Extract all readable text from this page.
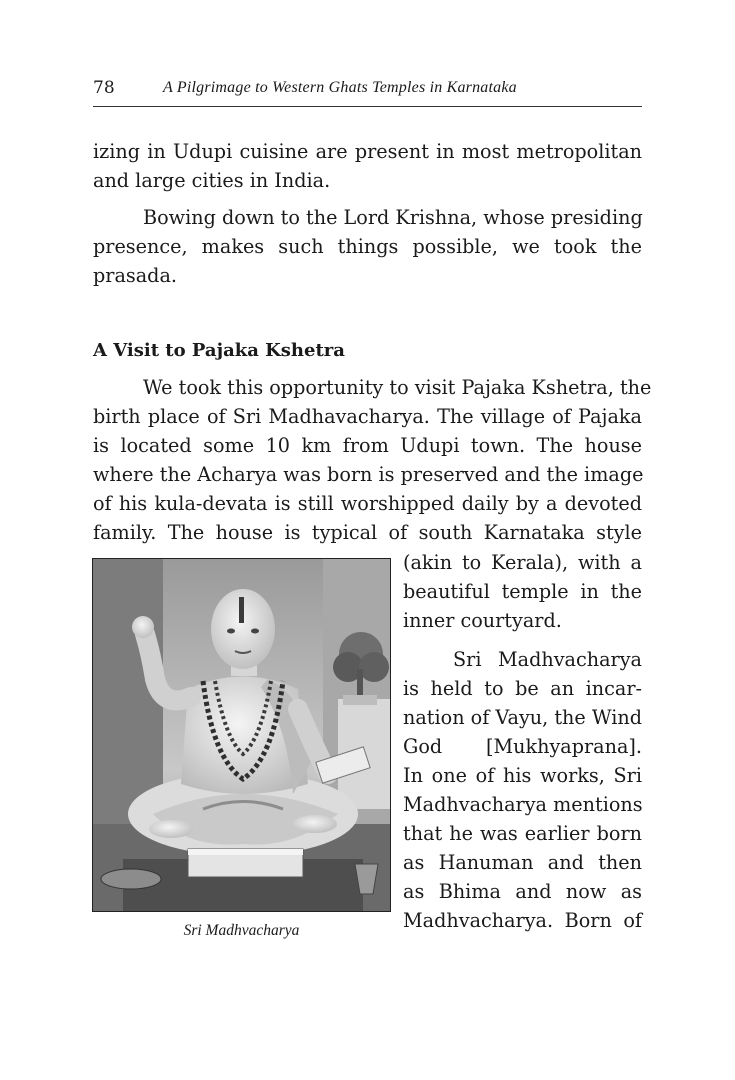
78	A Pilgrimage to Western Ghats Temples in Karnataka
izing in Udupi cuisine are present in most metropolitan
and large cities in India.
Bowing down to the Lord Krishna, whose presiding
presence, makes such things possible, we took the
prasada.
A Visit to Pajaka Kshetra
We took this opportunity to visit Pajaka Kshetra, the
birth place of Sri Madhavacharya. The village of Pajaka
is located some 10 km from Udupi town. The house
where the Acharya was born is preserved and the image
of his kula-devata is still worshipped daily by a devoted
family. The house is typical of south Karnataka style
(akin to Kerala), with a
beautiful temple in the
inner courtyard.
Sri Madhvacharya
is held to be an incar-
nation of Vayu, the Wind
God [Mukhyaprana].
In one of his works, Sri
Madhvacharya mentions
that he was earlier born
as Hanuman and then
as Bhima and now as
Madhvacharya. Born of
Sri Madhvacharya
